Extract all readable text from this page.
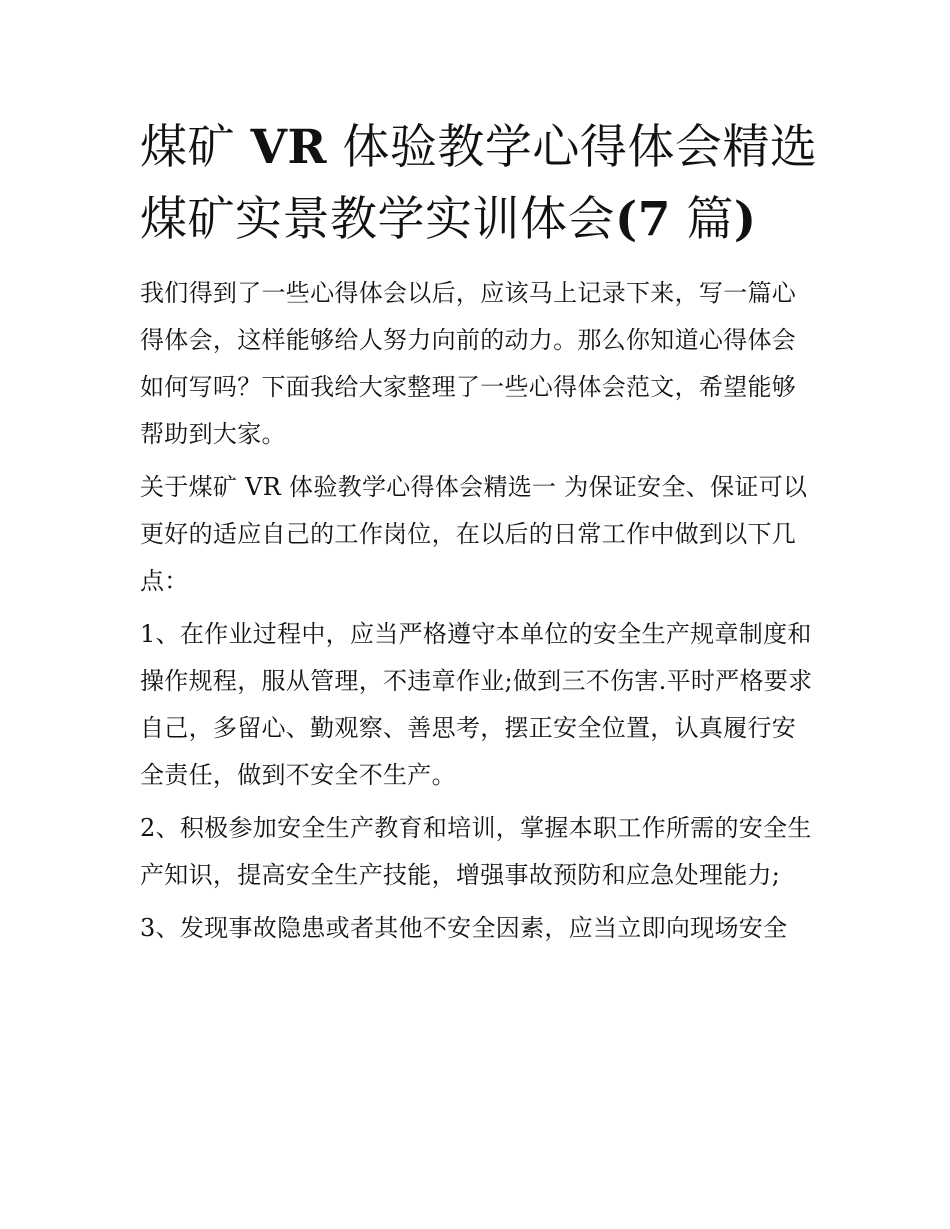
煤矿 VR 体验教学心得体会精选 煤矿实景教学实训体会(7 篇)

我们得到了一些心得体会以后，应该马上记录下来，写一篇心得体会，这样能够给人努力向前的动力。那么你知道心得体会如何写吗？下面我给大家整理了一些心得体会范文，希望能够帮助到大家。

关于煤矿 VR 体验教学心得体会精选一 为保证安全、保证可以更好的适应自己的工作岗位，在以后的日常工作中做到以下几点：

1、在作业过程中，应当严格遵守本单位的安全生产规章制度和操作规程，服从管理，不违章作业;做到三不伤害.平时严格要求自己，多留心、勤观察、善思考，摆正安全位置，认真履行安全责任，做到不安全不生产。

2、积极参加安全生产教育和培训，掌握本职工作所需的安全生产知识，提高安全生产技能，增强事故预防和应急处理能力;

3、发现事故隐患或者其他不安全因素，应当立即向现场安全
